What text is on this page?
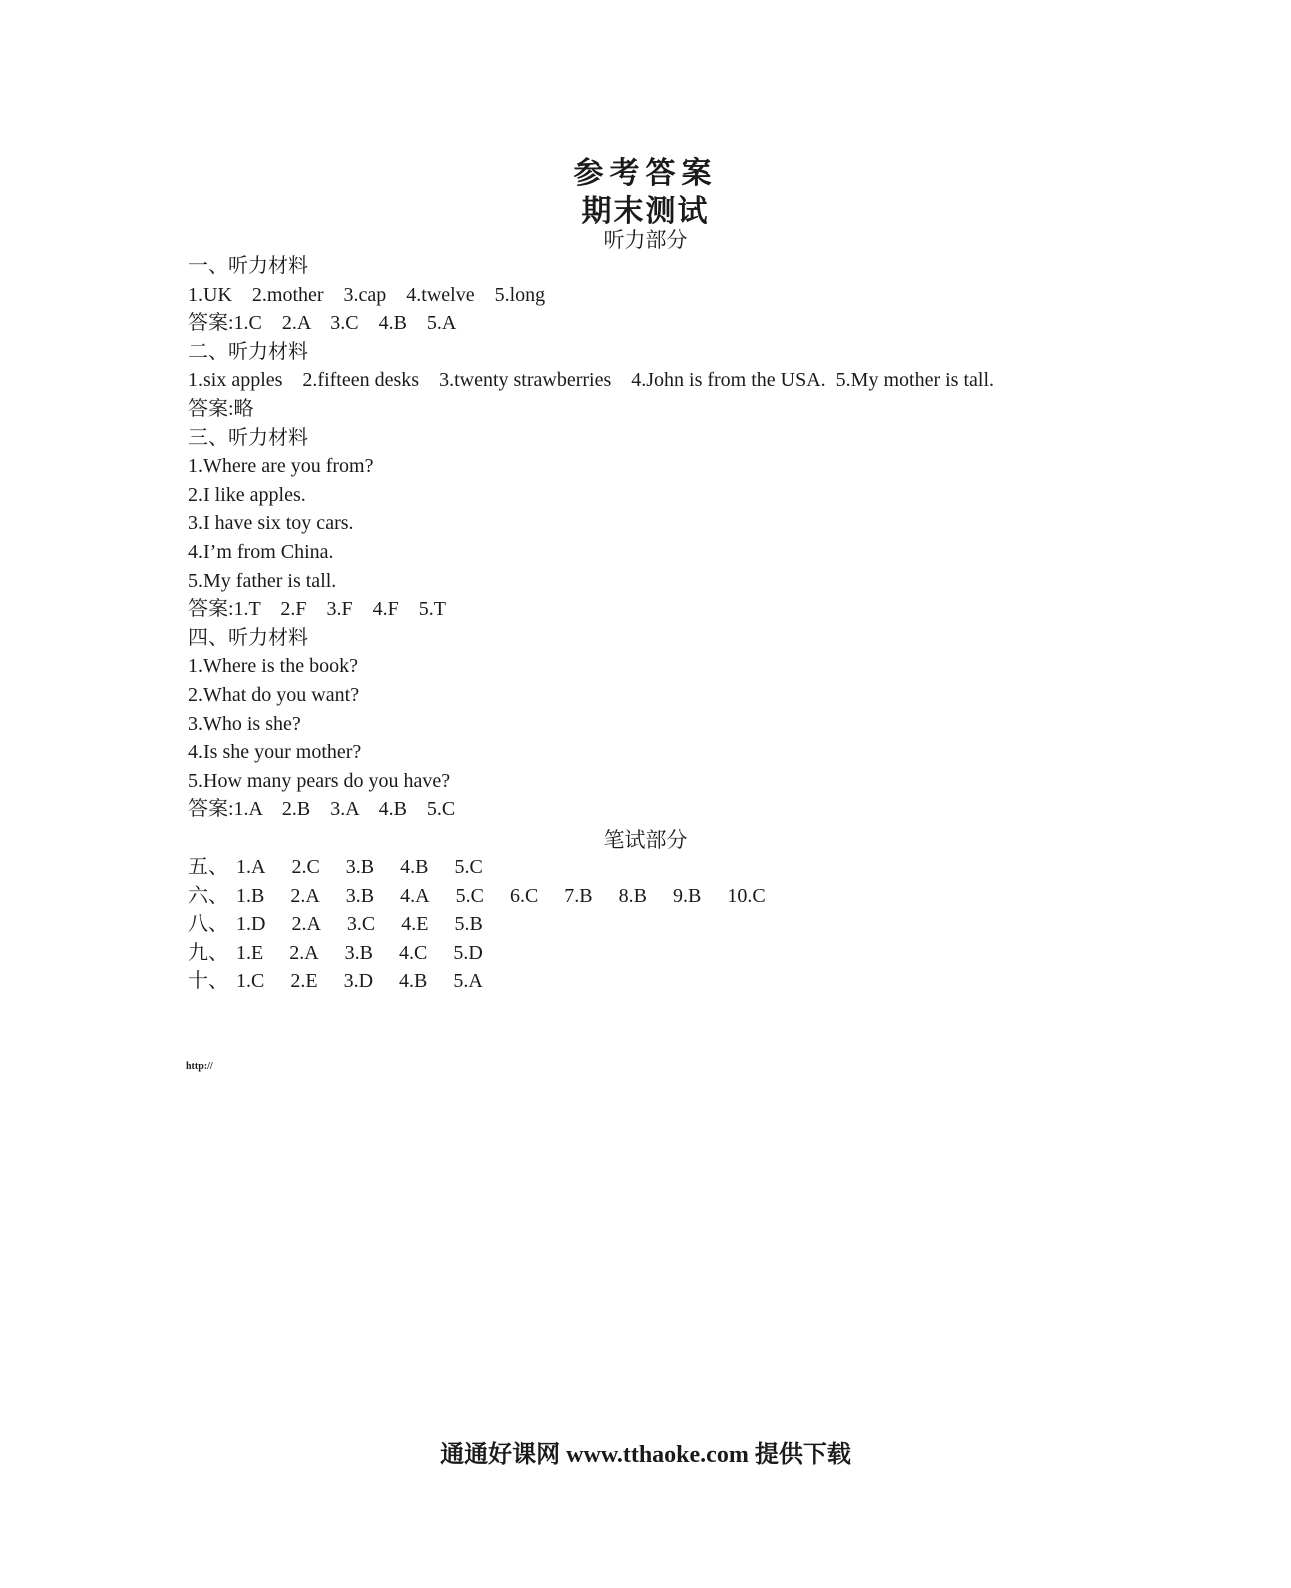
参考答案
期末测试
听力部分
一、听力材料
1.UK    2.mother    3.cap    4.twelve    5.long
答案:1.C    2.A    3.C    4.B    5.A
二、听力材料
1.six apples    2.fifteen desks    3.twenty strawberries    4.John is from the USA.  5.My mother is tall.
答案:略
三、听力材料
1.Where are you from?
2.I like apples.
3.I have six toy cars.
4.I’m from China.
5.My father is tall.
答案:1.T    2.F    3.F    4.F    5.T
四、听力材料
1.Where is the book?
2.What do you want?
3.Who is she?
4.Is she your mother?
5.How many pears do you have?
答案:1.A    2.B    3.A    4.B    5.C
笔试部分
五、 1.A 2.C 3.B 4.B 5.C
六、 1.B 2.A 3.B 4.A 5.C 6.C 7.B 8.B 9.B 10.C
八、 1.D 2.A 3.C 4.E 5.B
九、 1.E 2.A 3.B 4.C 5.D
十、 1.C 2.E 3.D 4.B 5.A
http://
通通好课网 www.tthaoke.com 提供下载
